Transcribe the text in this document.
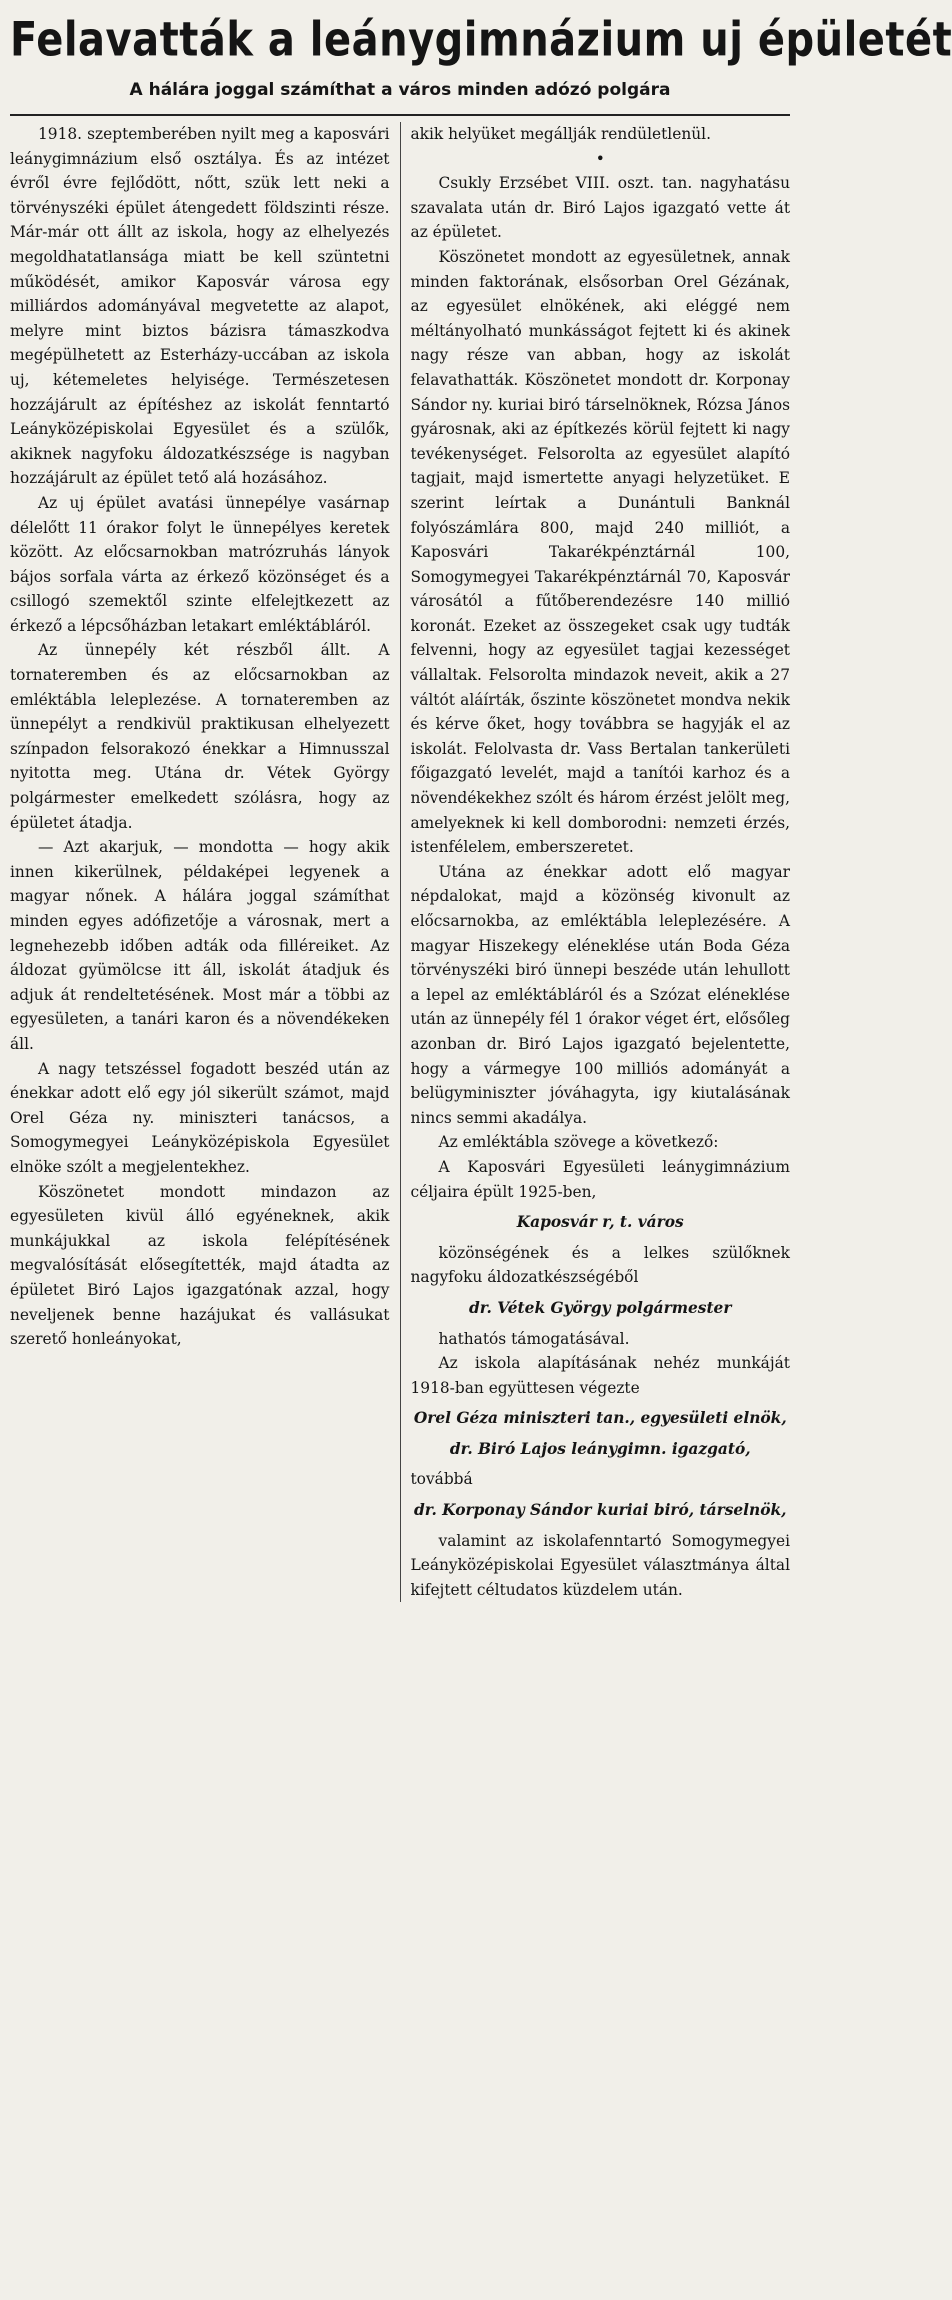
Felavatták a leánygimnázium uj épületét
A hálára joggal számíthat a város minden adózó polgára

1918. szeptemberében nyilt meg a kaposvári leánygimnázium első osztálya. És az intézet évről évre fejlődött, nőtt, szük lett neki a törvényszéki épület átengedett földszinti része. Már-már ott állt az iskola, hogy az elhelyezés megoldhatatlansága miatt be kell szüntetni működését, amikor Kaposvár városa egy milliárdos adományával megvetette az alapot, melyre mint biztos bázisra támaszkodva megépülhetett az Esterházy-uccában az iskola uj, kétemeletes helyisége. Természetesen hozzájárult az építéshez az iskolát fenntartó Leányközépiskolai Egyesület és a szülők, akiknek nagyfoku áldozatkészsége is nagyban hozzájárult az épület tető alá hozásához.

Az uj épület avatási ünnepélye vasárnap délelőtt 11 órakor folyt le ünnepélyes keretek között. Az előcsarnokban matrózruhás lányok bájos sorfala várta az érkező közönséget és a csillogó szemektől szinte elfelejtkezett az érkező a lépcsőházban letakart emléktábláról.

Az ünnepély két részből állt. A tornateremben és az előcsarnokban az emléktábla leleplezése. A tornateremben az ünnepélyt a rendkivül praktikusan elhelyezett színpadon felsorakozó énekkar a Himnusszal nyitotta meg. Utána dr. Vétek György polgármester emelkedett szólásra, hogy az épületet átadja.

— Azt akarjuk, — mondotta — hogy akik innen kikerülnek, példaképei legyenek a magyar nőnek. A hálára joggal számíthat minden egyes adófizetője a városnak, mert a legnehezebb időben adták oda filléreiket. Az áldozat gyümölcse itt áll, iskolát átadjuk és adjuk át rendeltetésének. Most már a többi az egyesületen, a tanári karon és a növendékeken áll.

A nagy tetszéssel fogadott beszéd után az énekkar adott elő egy jól sikerült számot, majd Orel Géza ny. miniszteri tanácsos, a Somogymegyei Leányközépiskola Egyesület elnöke szólt a megjelentekhez.

Köszönetet mondott mindazon az egyesületen kivül álló egyéneknek, akik munkájukkal az iskola felépítésének megvalósítását elősegítették, majd átadta az épületet Biró Lajos igazgatónak azzal, hogy neveljenek benne hazájukat és vallásukat szerető honleányokat,

akik helyüket megállják rendületlenül.

•

Csukly Erzsébet VIII. oszt. tan. nagyhatásu szavalata után dr. Biró Lajos igazgató vette át az épületet.

Köszönetet mondott az egyesületnek, annak minden faktorának, elsősorban Orel Gézának, az egyesület elnökének, aki eléggé nem méltányolható munkásságot fejtett ki és akinek nagy része van abban, hogy az iskolát felavathatták. Köszönetet mondott dr. Korponay Sándor ny. kuriai biró társelnöknek, Rózsa János gyárosnak, aki az építkezés körül fejtett ki nagy tevékenységet. Felsorolta az egyesület alapító tagjait, majd ismertette anyagi helyzetüket. E szerint leírtak a Dunántuli Banknál folyószámlára 800, majd 240 milliót, a Kaposvári Takarékpénztárnál 100, Somogymegyei Takarékpénztárnál 70, Kaposvár városától a fűtőberendezésre 140 millió koronát. Ezeket az összegeket csak ugy tudták felvenni, hogy az egyesület tagjai kezességet vállaltak. Felsorolta mindazok neveit, akik a 27 váltót aláírták, őszinte köszönetet mondva nekik és kérve őket, hogy továbbra se hagyják el az iskolát. Felolvasta dr. Vass Bertalan tankerületi főigazgató levelét, majd a tanítói karhoz és a növendékekhez szólt és három érzést jelölt meg, amelyeknek ki kell domborodni: nemzeti érzés, istenfélelem, emberszeretet.

Utána az énekkar adott elő magyar népdalokat, majd a közönség kivonult az előcsarnokba, az emléktábla leleplezésére. A magyar Hiszekegy eléneklése után Boda Géza törvényszéki biró ünnepi beszéde után lehullott a lepel az emléktábláról és a Szózat eléneklése után az ünnepély fél 1 órakor véget ért, elősőleg azonban dr. Biró Lajos igazgató bejelentette, hogy a vármegye 100 milliós adományát a belügyminiszter jóváhagyta, igy kiutalásának nincs semmi akadálya.

Az emléktábla szövege a következő:

A Kaposvári Egyesületi leánygimnázium céljaira épült 1925-ben,

Kaposvár r, t. város

közönségének és a lelkes szülőknek nagyfoku áldozatkészségéből

dr. Vétek György polgármester

hathatós támogatásával.

Az iskola alapításának nehéz munkáját 1918-ban együttesen végezte

Orel Géza miniszteri tan., egyesületi elnök,

dr. Biró Lajos leánygimn. igazgató,

továbbá

dr. Korponay Sándor kuriai biró, társelnök,

valamint az iskolafenntartó Somogymegyei Leányközépiskolai Egyesület választmánya által kifejtett céltudatos küzdelem után.
